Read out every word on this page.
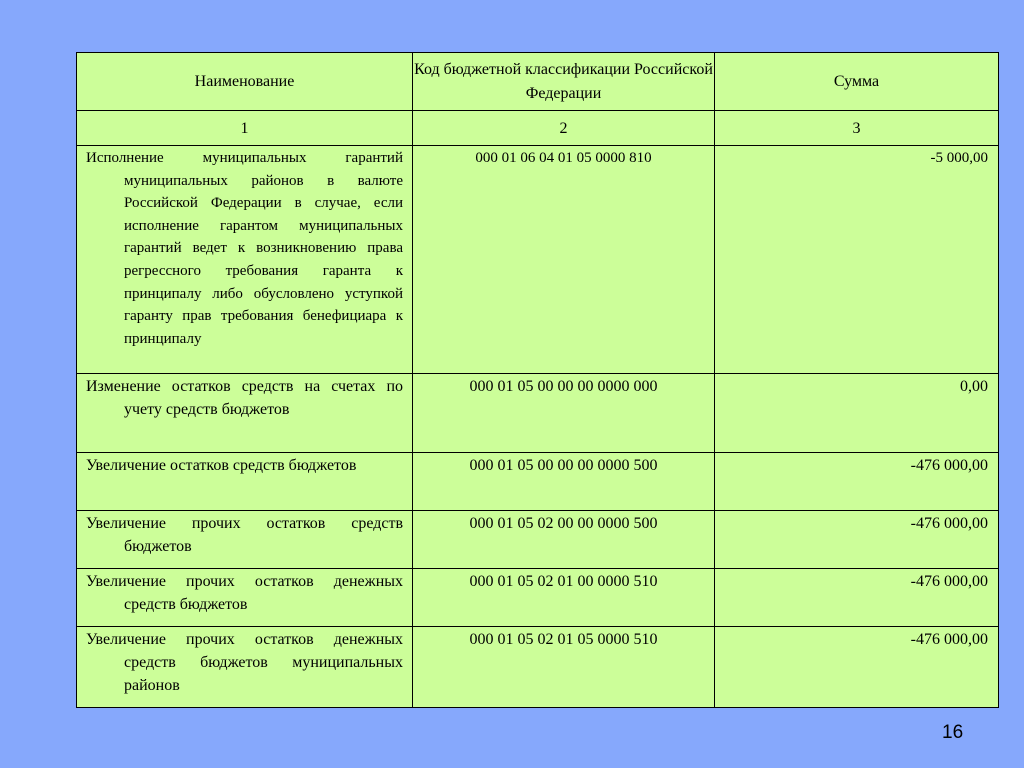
Наименование	Код бюджетной классификации Российской Федерации	Сумма
1	2	3

Исполнение муниципальных гарантий муниципальных районов в валюте Российской Федерации в случае, если исполнение гарантом муниципальных гарантий ведет к возникновению права регрессного требования гаранта к принципалу либо обусловлено уступкой гаранту прав требования бенефициара к принципалу	000 01 06 04 01 05 0000 810	-5 000,00

Изменение остатков средств на счетах по учету средств бюджетов	000 01 05 00 00 00 0000 000	0,00

Увеличение остатков средств бюджетов	000 01 05 00 00 00 0000 500	-476 000,00

Увеличение прочих остатков средств бюджетов	000 01 05 02 00 00 0000 500	-476 000,00

Увеличение прочих остатков денежных средств бюджетов	000 01 05 02 01 00 0000 510	-476 000,00

Увеличение прочих остатков денежных средств бюджетов муниципальных районов	000 01 05 02 01 05 0000 510	-476 000,00
16
